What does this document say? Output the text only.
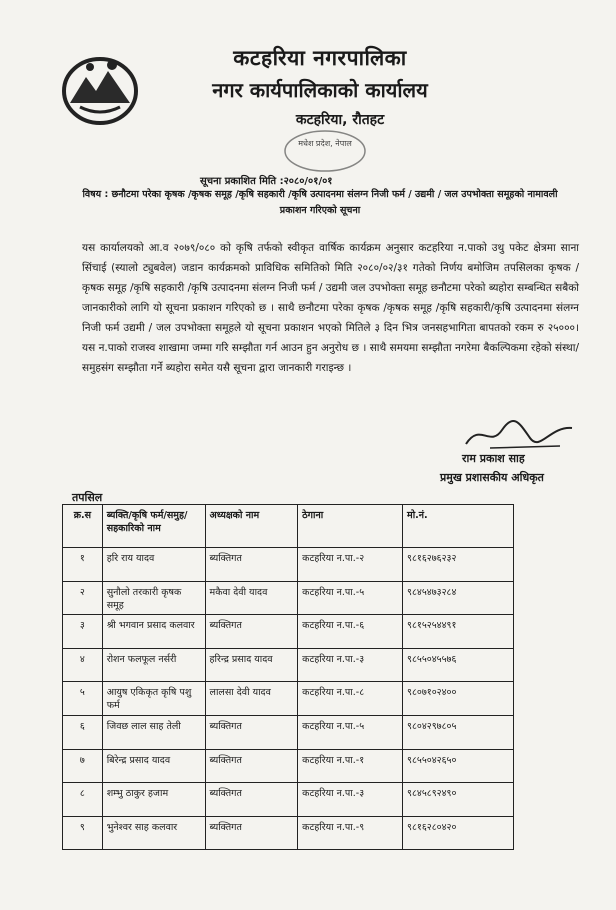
कटहरिया नगरपालिका
नगर कार्यपालिकाको कार्यालय
कटहरिया, रौतहट
मधेश प्रदेश, नेपाल
सूचना प्रकाशित मिति :२०८०/०१/०१
विषय : छनौटमा परेका कृषक /कृषक समूह /कृषि सहकारी /कृषि उत्पादनमा संलग्न निजी फर्म / उद्यमी / जल उपभोक्ता समूहको नामावली प्रकाशन गरिएको सूचना
यस कार्यालयको आ.व २०७९/०८० को कृषि तर्फको स्वीकृत वार्षिक कार्यक्रम अनुसार कटहरिया न.पाको उथु पकेट क्षेत्रमा साना सिंचाई (स्यालो ट्युबवेल) जडान कार्यक्रमको प्राविधिक समितिको मिति २०८०/०२/३१ गतेको निर्णय बमोजिम तपसिलका कृषक /कृषक समूह /कृषि सहकारी /कृषि उत्पादनमा संलग्न निजी फर्म / उद्यमी जल उपभोक्ता समूह छनौटमा परेको ब्यहोरा सम्बन्धित सबैको जानकारीको लागि यो सूचना प्रकाशन गरिएको छ । साथै छनौटमा परेका कृषक /कृषक समूह /कृषि सहकारी/कृषि उत्पादनमा संलग्न निजी फर्म उद्यमी / जल उपभोक्ता समूहले यो सूचना प्रकाशन भएको मितिले ३ दिन भित्र जनसहभागिता बापतको रकम रु २५०००। यस न.पाको राजस्व शाखामा जम्मा गरि सम्झौता गर्न आउन हुन अनुरोध छ । साथै समयमा सम्झौता नगरेमा बैकल्पिकमा रहेको संस्था/समुहसंग सम्झौता गर्ने ब्यहोरा समेत यसै सूचना द्वारा जानकारी गराइन्छ ।
राम प्रकाश साह
प्रमुख प्रशासकीय अधिकृत
तपसिल
क्र.स	ब्यक्ति/कृषि फर्म/समुह/सहकारिको नाम	अध्यक्षको नाम	ठेगाना	मो.नं.
१	हरि राय यादव	ब्यक्तिगत	कटहरिया न.पा.-२	९८१६२७६२३२
२	सुनौलो तरकारी कृषक समूह	मकैवा देवी यादव	कटहरिया न.पा.-५	९८४५४७३२८४
३	श्री भगवान प्रसाद कलवार	ब्यक्तिगत	कटहरिया न.पा.-६	९८१५२५४४९१
४	रोशन फलफूल नर्सरी	हरिन्द्र प्रसाद यादव	कटहरिया न.पा.-३	९८५५०४५५७६
५	आयुष एकिकृत कृषि पशु फर्म	लालसा देवी यादव	कटहरिया न.पा.-८	९८०७१०२४००
६	जिवछ लाल साह तेली	ब्यक्तिगत	कटहरिया न.पा.-५	९८०४२९७८०५
७	बिरेन्द्र प्रसाद यादव	ब्यक्तिगत	कटहरिया न.पा.-१	९८५५०४२६५०
८	शम्भु ठाकुर हजाम	ब्यक्तिगत	कटहरिया न.पा.-३	९८४५८९२४९०
९	भुनेश्वर साह कलवार	ब्यक्तिगत	कटहरिया न.पा.-९	९८१६२८०४२०
